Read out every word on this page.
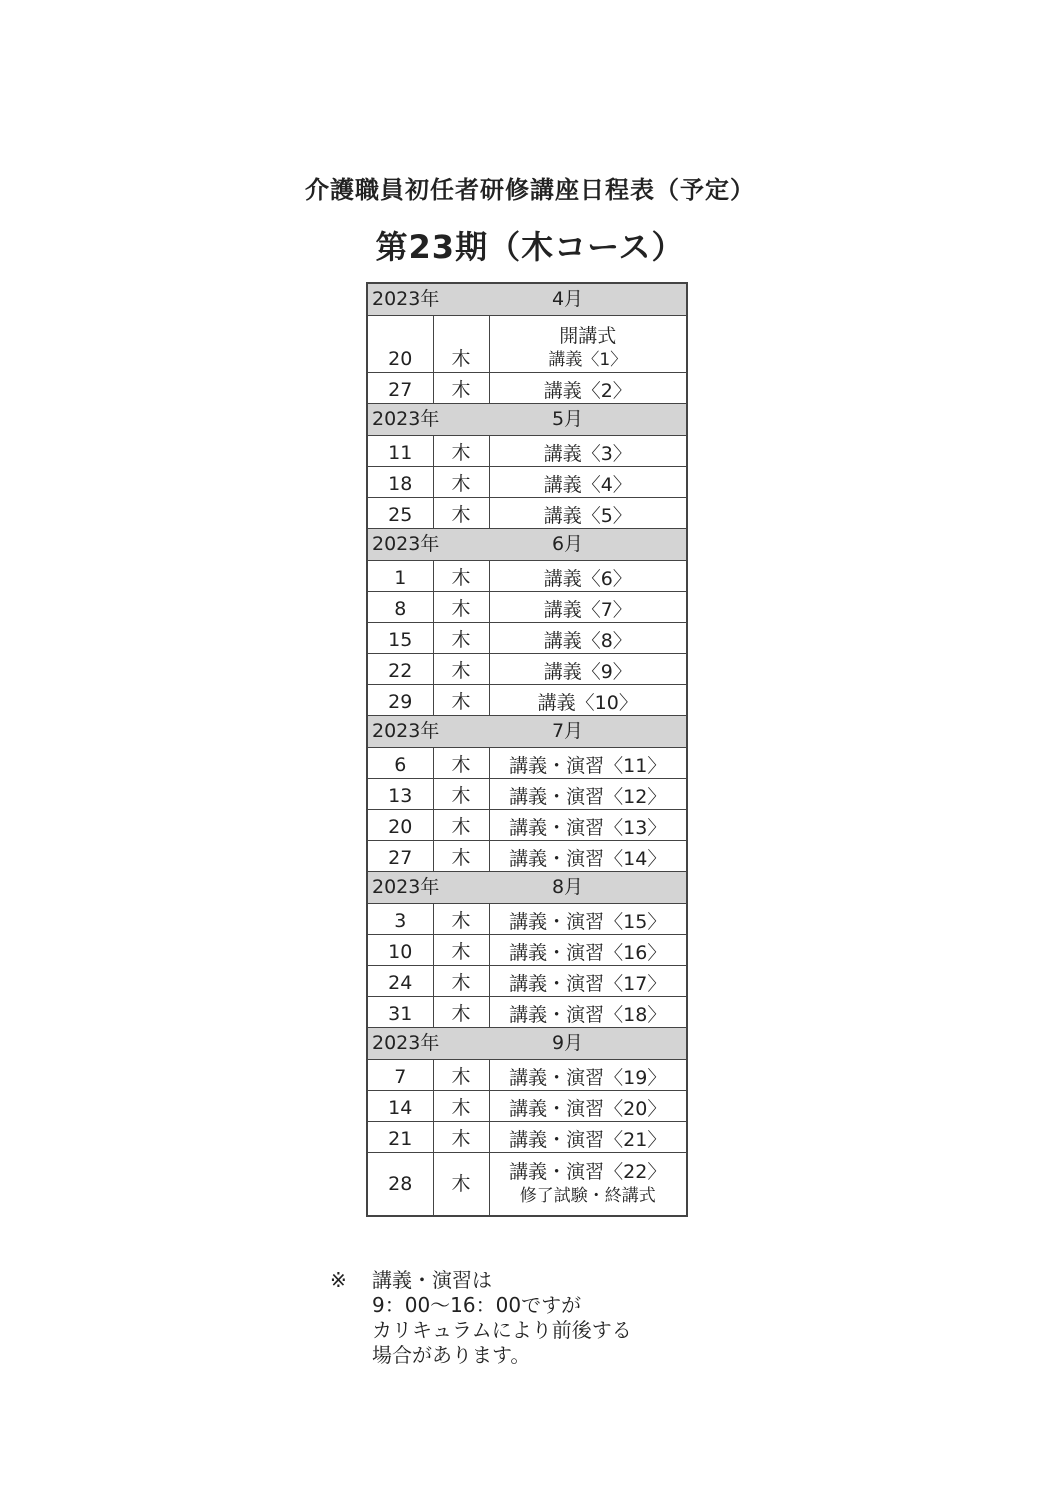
介護職員初任者研修講座日程表（予定）
第23期（木コース）
2023年		4月
20	木	開講式
講義〈1〉

27	木	講義〈2〉

2023年		5月
11	木	講義〈3〉

18	木	講義〈4〉

25	木	講義〈5〉

2023年		6月
1	木	講義〈6〉

8	木	講義〈7〉

15	木	講義〈8〉

22	木	講義〈9〉

29	木	講義〈10〉

2023年		7月
6	木	講義・演習〈11〉

13	木	講義・演習〈12〉

20	木	講義・演習〈13〉

27	木	講義・演習〈14〉

2023年		8月
3	木	講義・演習〈15〉

10	木	講義・演習〈16〉

24	木	講義・演習〈17〉

31	木	講義・演習〈18〉

2023年		9月
7	木	講義・演習〈19〉

14	木	講義・演習〈20〉

21	木	講義・演習〈21〉

28	木	講義・演習〈22〉
修了試験・終講式
※ 講義・演習は
9：00〜16：00ですが
カリキュラムにより前後する
場合があります。
